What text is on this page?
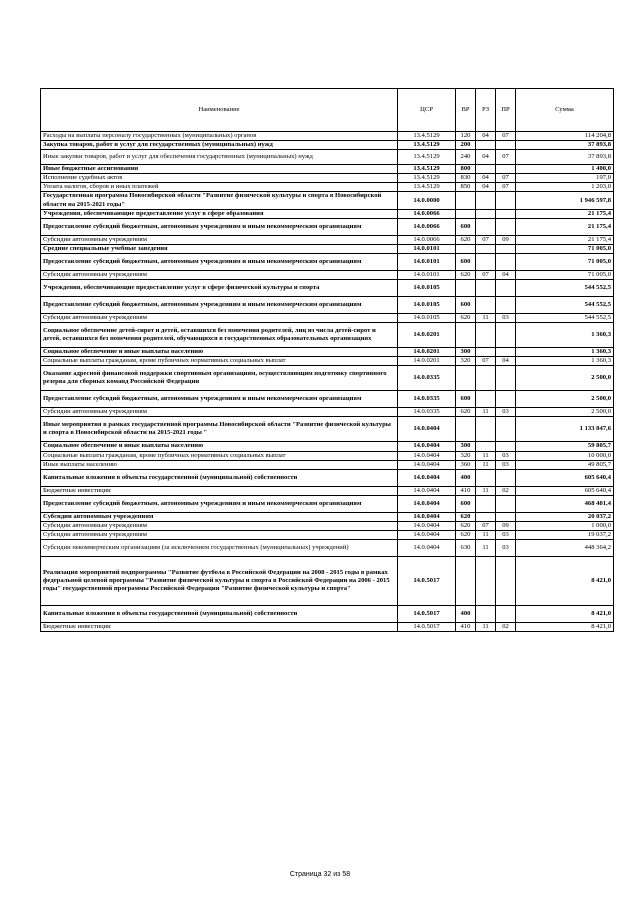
Наименование	ЦСР	ВР	РЗ	ПР	Сумма
Расходы на выплаты персоналу государственных (муниципальных) органов	13.4.5129	120	04	07	114 204,8
Закупка товаров, работ и услуг для государственных (муниципальных) нужд	13.4.5129	200			37 893,8
Иные закупки товаров, работ и услуг для обеспечения государственных (муниципальных) нужд	13.4.5129	240	04	07	37 893,8
Иные бюджетные ассигнования	13.4.5129	800			1 400,0
Исполнение судебных актов	13.4.5129	830	04	07	197,0
Уплата налогов, сборов и иных платежей	13.4.5129	850	04	07	1 203,0
Государственная программа Новосибирской области "Развитие физической культуры и спорта в Новосибирской области на 2015-2021 годы"	14.0.0000				1 946 597,8
Учреждения, обеспечивающие предоставление услуг в сфере образования	14.0.0066				21 175,4
Предоставление субсидий бюджетным, автономным учреждениям и иным некоммерческим организациям	14.0.0066	600			21 175,4
Субсидии автономным учреждениям	14.0.0066	620	07	09	21 175,4
Средние специальные учебные заведения	14.0.0101				71 005,0
Предоставление субсидий бюджетным, автономным учреждениям и иным некоммерческим организациям	14.0.0101	600			71 005,0
Субсидии автономным учреждениям	14.0.0101	620	07	04	71 005,0
Учреждения, обеспечивающие предоставление услуг в сфере физической культуры и спорта	14.0.0105				544 552,5
Предоставление субсидий бюджетным, автономным учреждениям и иным некоммерческим организациям	14.0.0105	600			544 552,5
Субсидии автономным учреждениям	14.0.0105	620	11	03	544 552,5
Социальное обеспечение детей-сирот и детей, оставшихся без попечения родителей, лиц из числа детей-сирот и детей, оставшихся без попечения родителей, обучающихся в государственных образовательных организациях	14.0.0201				1 360,3
Социальное обеспечение и иные выплаты населению	14.0.0201	300			1 360,3
Социальные выплаты гражданам, кроме публичных нормативных социальных выплат	14.0.0201	320	07	04	1 360,3
Оказание адресной финансовой поддержки спортивным организациям, осуществляющим подготовку спортивного резерва для сборных команд Российской Федерации	14.0.0335				2 500,0
Предоставление субсидий бюджетным, автономным учреждениям и иным некоммерческим организациям	14.0.0335	600			2 500,0
Субсидии автономным учреждениям	14.0.0335	620	11	03	2 500,0
Иные мероприятия в рамках государственной программы Новосибирской области "Развитие физической культуры и спорта в Новосибирской области на 2015-2021 годы "	14.0.0404				1 133 847,6
Социальное обеспечение и иные выплаты населению	14.0.0404	300			59 805,7
Социальные выплаты гражданам, кроме публичных нормативных социальных выплат	14.0.0404	320	11	03	10 000,0
Иные выплаты населению	14.0.0404	360	11	03	49 805,7
Капитальные вложения в объекты государственной (муниципальной) собственности	14.0.0404	400			605 640,4
Бюджетные инвестиции	14.0.0404	410	11	02	605 640,4
Предоставление субсидий бюджетным, автономным учреждениям и иным некоммерческим организациям	14.0.0404	600			468 401,4
Субсидии автономным учреждениям	14.0.0404	620			20 037,2
Субсидии автономным учреждениям	14.0.0404	620	07	09	1 000,0
Субсидии автономным учреждениям	14.0.0404	620	11	03	19 037,2
Субсидии некоммерческим организациям (за исключением государственных (муниципальных) учреждений)	14.0.0404	630	11	03	448 364,2
Реализация мероприятий подпрограммы "Развитие футбола в Российской Федерации на 2008 - 2015 годы в рамках федеральной целевой программы "Развитие физической культуры и спорта в Российской Федерации на 2006 - 2015 годы" государственной программы Российской Федерации "Развитие физической культуры и спорта"	14.0.5017				8 421,0
Капитальные вложения в объекты государственной (муниципальной) собственности	14.0.5017	400			8 421,0
Бюджетные инвестиции	14.0.5017	410	11	02	8 421,0
Страница 32 из 58
